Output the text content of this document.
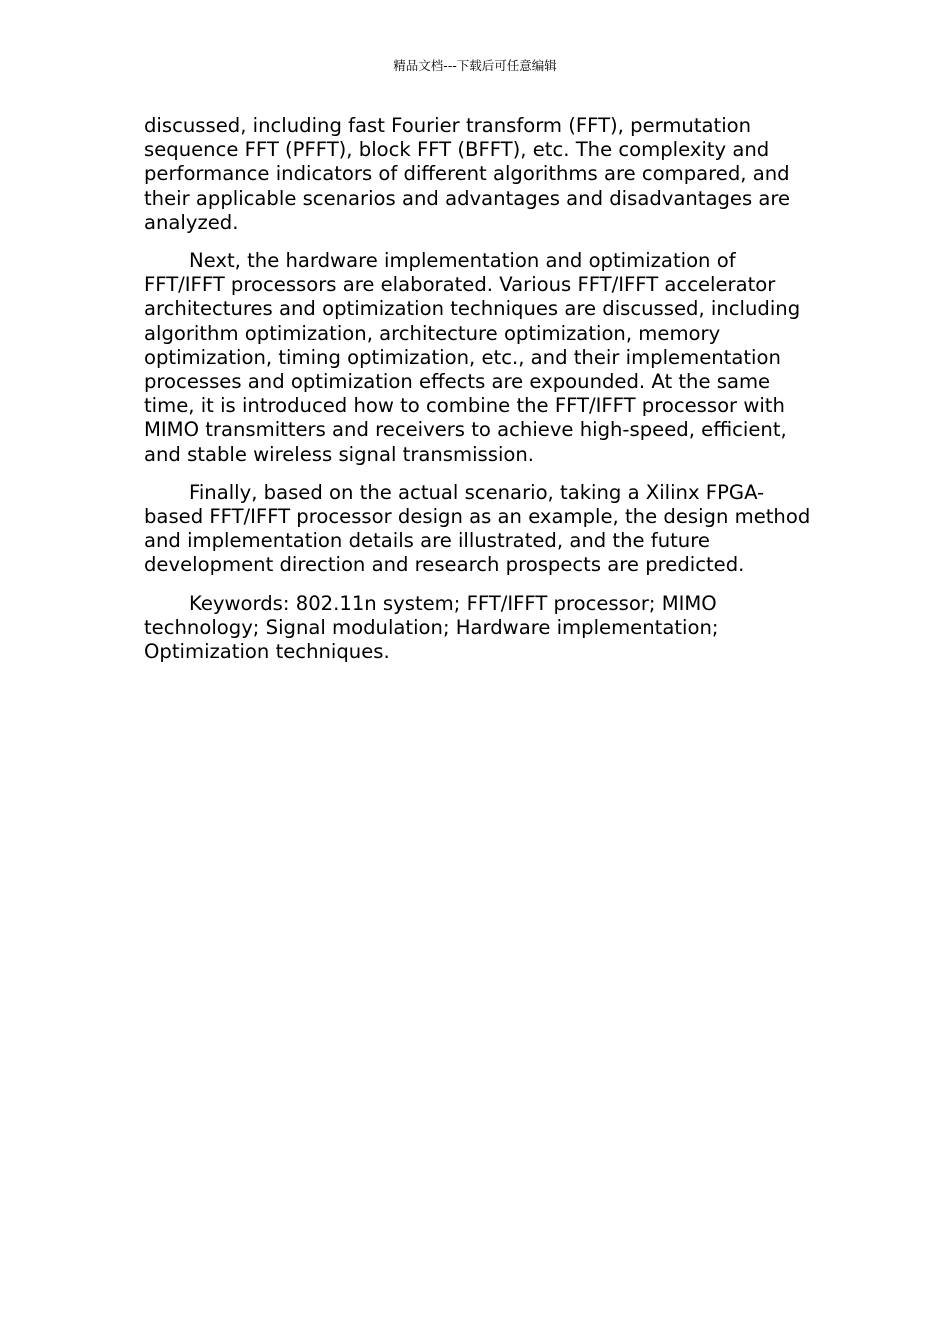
精品文档---下载后可任意编辑

discussed, including fast Fourier transform (FFT), permutation sequence FFT (PFFT), block FFT (BFFT), etc. The complexity and performance indicators of different algorithms are compared, and their applicable scenarios and advantages and disadvantages are analyzed.

Next, the hardware implementation and optimization of FFT/IFFT processors are elaborated. Various FFT/IFFT accelerator architectures and optimization techniques are discussed, including algorithm optimization, architecture optimization, memory optimization, timing optimization, etc., and their implementation processes and optimization effects are expounded. At the same time, it is introduced how to combine the FFT/IFFT processor with MIMO transmitters and receivers to achieve high-speed, efficient, and stable wireless signal transmission.

Finally, based on the actual scenario, taking a Xilinx FPGA-based FFT/IFFT processor design as an example, the design method and implementation details are illustrated, and the future development direction and research prospects are predicted.

Keywords: 802.11n system; FFT/IFFT processor; MIMO technology; Signal modulation; Hardware implementation; Optimization techniques.
